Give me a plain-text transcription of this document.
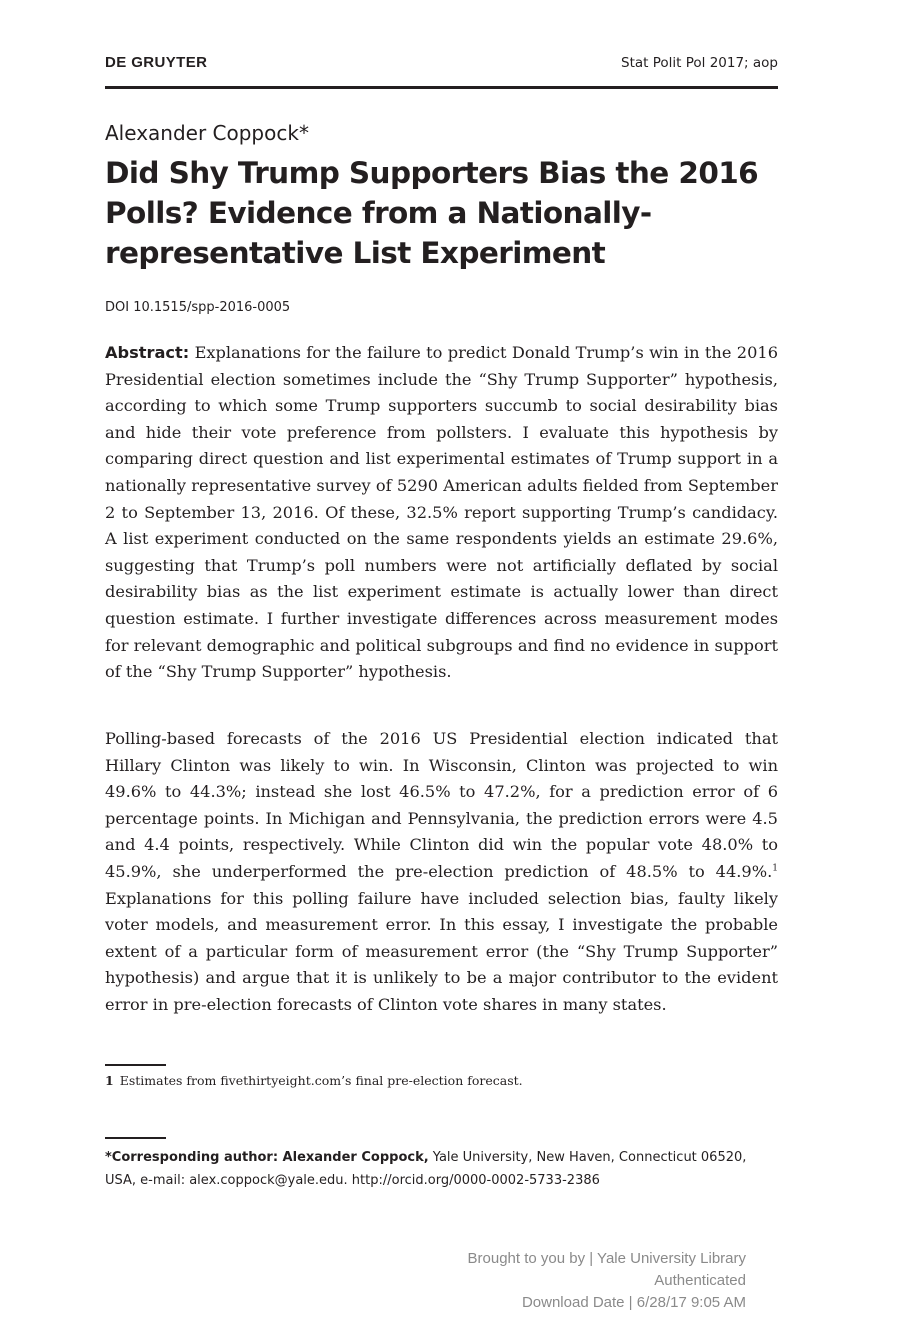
DE GRUYTER	Stat Polit Pol 2017; aop
Alexander Coppock*
Did Shy Trump Supporters Bias the 2016 Polls? Evidence from a Nationally-representative List Experiment
DOI 10.1515/spp-2016-0005

Abstract: Explanations for the failure to predict Donald Trump’s win in the 2016 Presidential election sometimes include the “Shy Trump Supporter” hypothesis, according to which some Trump supporters succumb to social desirability bias and hide their vote preference from pollsters. I evaluate this hypothesis by comparing direct question and list experimental estimates of Trump support in a nationally representative survey of 5290 American adults fielded from September 2 to September 13, 2016. Of these, 32.5% report supporting Trump’s candidacy. A list experiment conducted on the same respondents yields an estimate 29.6%, suggesting that Trump’s poll numbers were not artificially deflated by social desirability bias as the list experiment estimate is actually lower than direct question estimate. I further investigate differences across measurement modes for relevant demographic and political subgroups and find no evidence in support of the “Shy Trump Supporter” hypothesis.

Polling-based forecasts of the 2016 US Presidential election indicated that Hillary Clinton was likely to win. In Wisconsin, Clinton was projected to win 49.6% to 44.3%; instead she lost 46.5% to 47.2%, for a prediction error of 6 percentage points. In Michigan and Pennsylvania, the prediction errors were 4.5 and 4.4 points, respectively. While Clinton did win the popular vote 48.0% to 45.9%, she underperformed the pre-election prediction of 48.5% to 44.9%.$^1$ Explanations for this polling failure have included selection bias, faulty likely voter models, and measurement error. In this essay, I investigate the probable extent of a particular form of measurement error (the “Shy Trump Supporter” hypothesis) and argue that it is unlikely to be a major contributor to the evident error in pre-election forecasts of Clinton vote shares in many states.

1 Estimates from fivethirtyeight.com’s final pre-election forecast.

*Corresponding author: Alexander Coppock, Yale University, New Haven, Connecticut 06520, USA, e-mail: alex.coppock@yale.edu. http://orcid.org/0000-0002-5733-2386

Brought to you by | Yale University Library
Authenticated
Download Date | 6/28/17 9:05 AM
